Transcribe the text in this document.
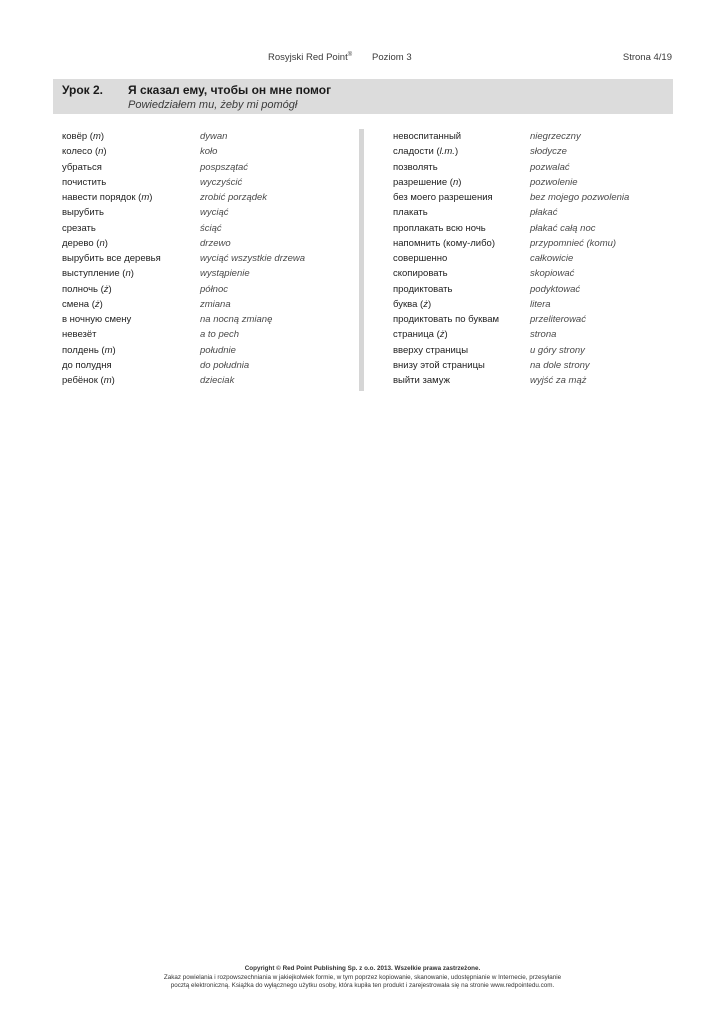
Rosyjski Red Point® Poziom 3	Strona 4/19
Урок 2. Я сказал ему, чтобы он мне помог
Powiedziałem mu, żeby mi pomógł
ковёр (m)	dywan
колесо (n)	koło
убраться	pospszątać
почистить	wyczyścić
навести порядок (m)	zrobić porządek
вырубить	wyciąć
срезать	ściąć
дерево (n)	drzewo
вырубить все деревья	wyciąć wszystkie drzewa
выступление (n)	wystąpienie
полночь (ż)	północ
смена (ż)	zmiana
в ночную смену	na nocną zmianę
невезёт	a to pech
полдень (m)	południe
до полудня	do południa
ребёнок (m)	dzieciak
невоспитанный	niegrzeczny
сладости (l.m.)	słodycze
позволять	pozwalać
разрешение (n)	pozwolenie
без моего разрешения	bez mojego pozwolenia
плакать	płakać
проплакать всю ночь	płakać całą noc
напомнить (кому-либо)	przypomnieć (komu)
совершенно	całkowicie
скопировать	skopiować
продиктовать	podyktować
буква (ż)	litera
продиктовать по буквам	przeliterować
страница (ż)	strona
вверху страницы	u góry strony
внизу этой страницы	na dole strony
выйти замуж	wyjść za mąż
Copyright © Red Point Publishing Sp. z o.o. 2013. Wszelkie prawa zastrzeżone.
Zakaz powielania i rozpowszechniania w jakiejkolwiek formie, w tym poprzez kopiowanie, skanowanie, udostępnianie w Internecie, przesyłanie
pocztą elektroniczną. Książka do wyłącznego użytku osoby, która kupiła ten produkt i zarejestrowała się na stronie www.redpointedu.com.
